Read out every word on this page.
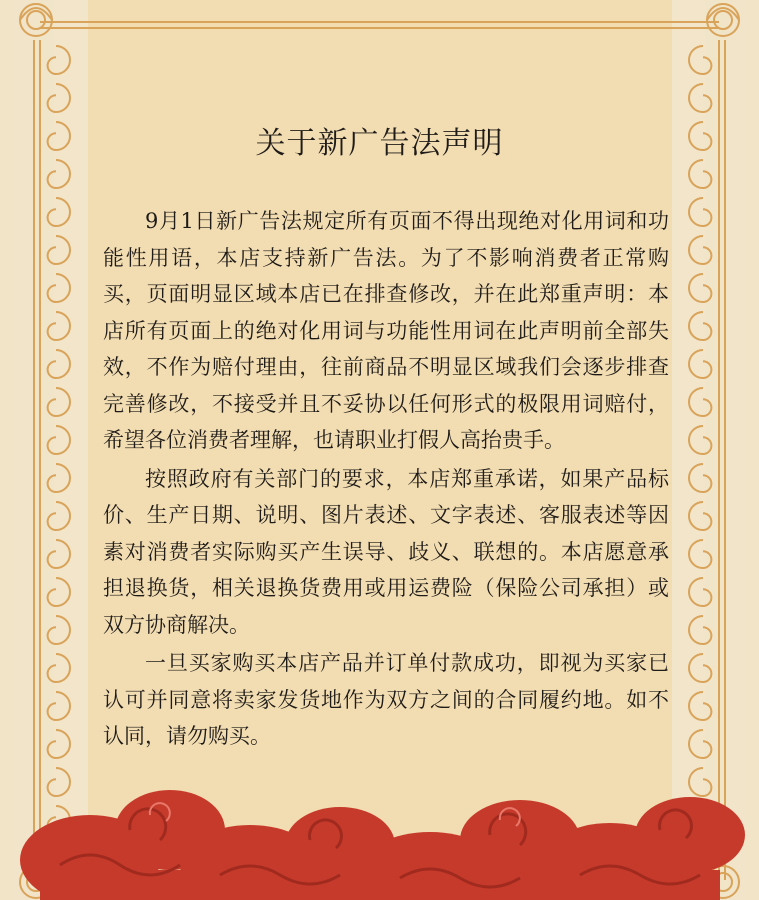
关于新广告法声明

9月1日新广告法规定所有页面不得出现绝对化用词和功能性用语，本店支持新广告法。为了不影响消费者正常购买，页面明显区域本店已在排查修改，并在此郑重声明：本店所有页面上的绝对化用词与功能性用词在此声明前全部失效，不作为赔付理由，往前商品不明显区域我们会逐步排查完善修改，不接受并且不妥协以任何形式的极限用词赔付，希望各位消费者理解，也请职业打假人高抬贵手。

按照政府有关部门的要求，本店郑重承诺，如果产品标价、生产日期、说明、图片表述、文字表述、客服表述等因素对消费者实际购买产生误导、歧义、联想的。本店愿意承担退换货，相关退换货费用或用运费险（保险公司承担）或双方协商解决。

一旦买家购买本店产品并订单付款成功，即视为买家已认可并同意将卖家发货地作为双方之间的合同履约地。如不认同，请勿购买。
